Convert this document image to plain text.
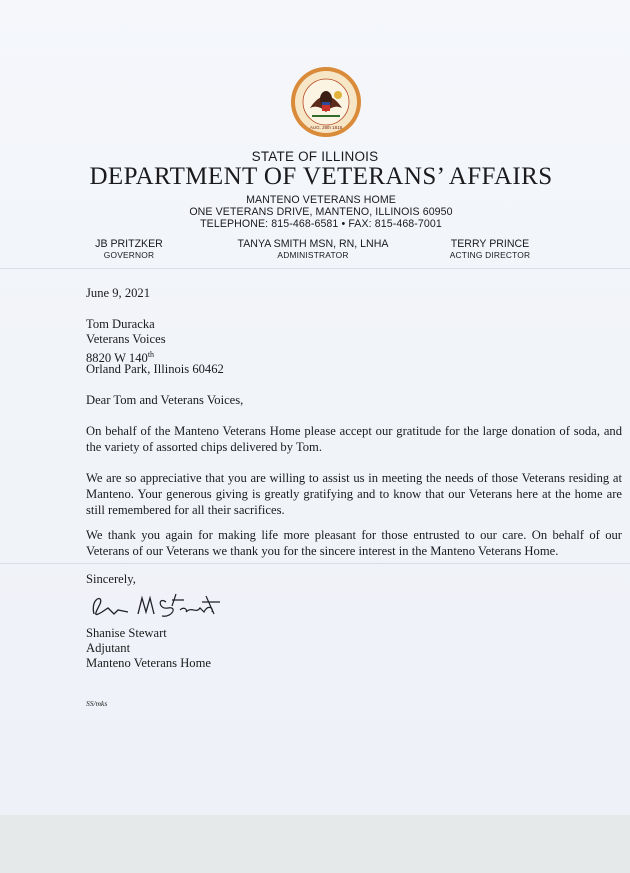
AUG. 26th 1818
STATE OF ILLINOIS
DEPARTMENT OF VETERANS’ AFFAIRS
MANTENO VETERANS HOME
ONE VETERANS DRIVE, MANTENO, ILLINOIS 60950
TELEPHONE: 815-468-6581 • FAX: 815-468-7001
JB PRITZKER
GOVERNOR
TANYA SMITH MSN, RN, LNHA
ADMINISTRATOR
TERRY PRINCE
ACTING DIRECTOR
June 9, 2021
Tom Duracka
Veterans Voices
8820 W 140th
Orland Park, Illinois 60462
Dear Tom and Veterans Voices,
On behalf of the Manteno Veterans Home please accept our gratitude for the large donation of soda, and the variety of assorted chips delivered by Tom.
We are so appreciative that you are willing to assist us in meeting the needs of those Veterans residing at Manteno. Your generous giving is greatly gratifying and to know that our Veterans here at the home are still remembered for all their sacrifices.
We thank you again for making life more pleasant for those entrusted to our care. On behalf of our Veterans of our Veterans we thank you for the sincere interest in the Manteno Veterans Home.
Sincerely,
Shanise Stewart
Adjutant
Manteno Veterans Home
SS/mks
